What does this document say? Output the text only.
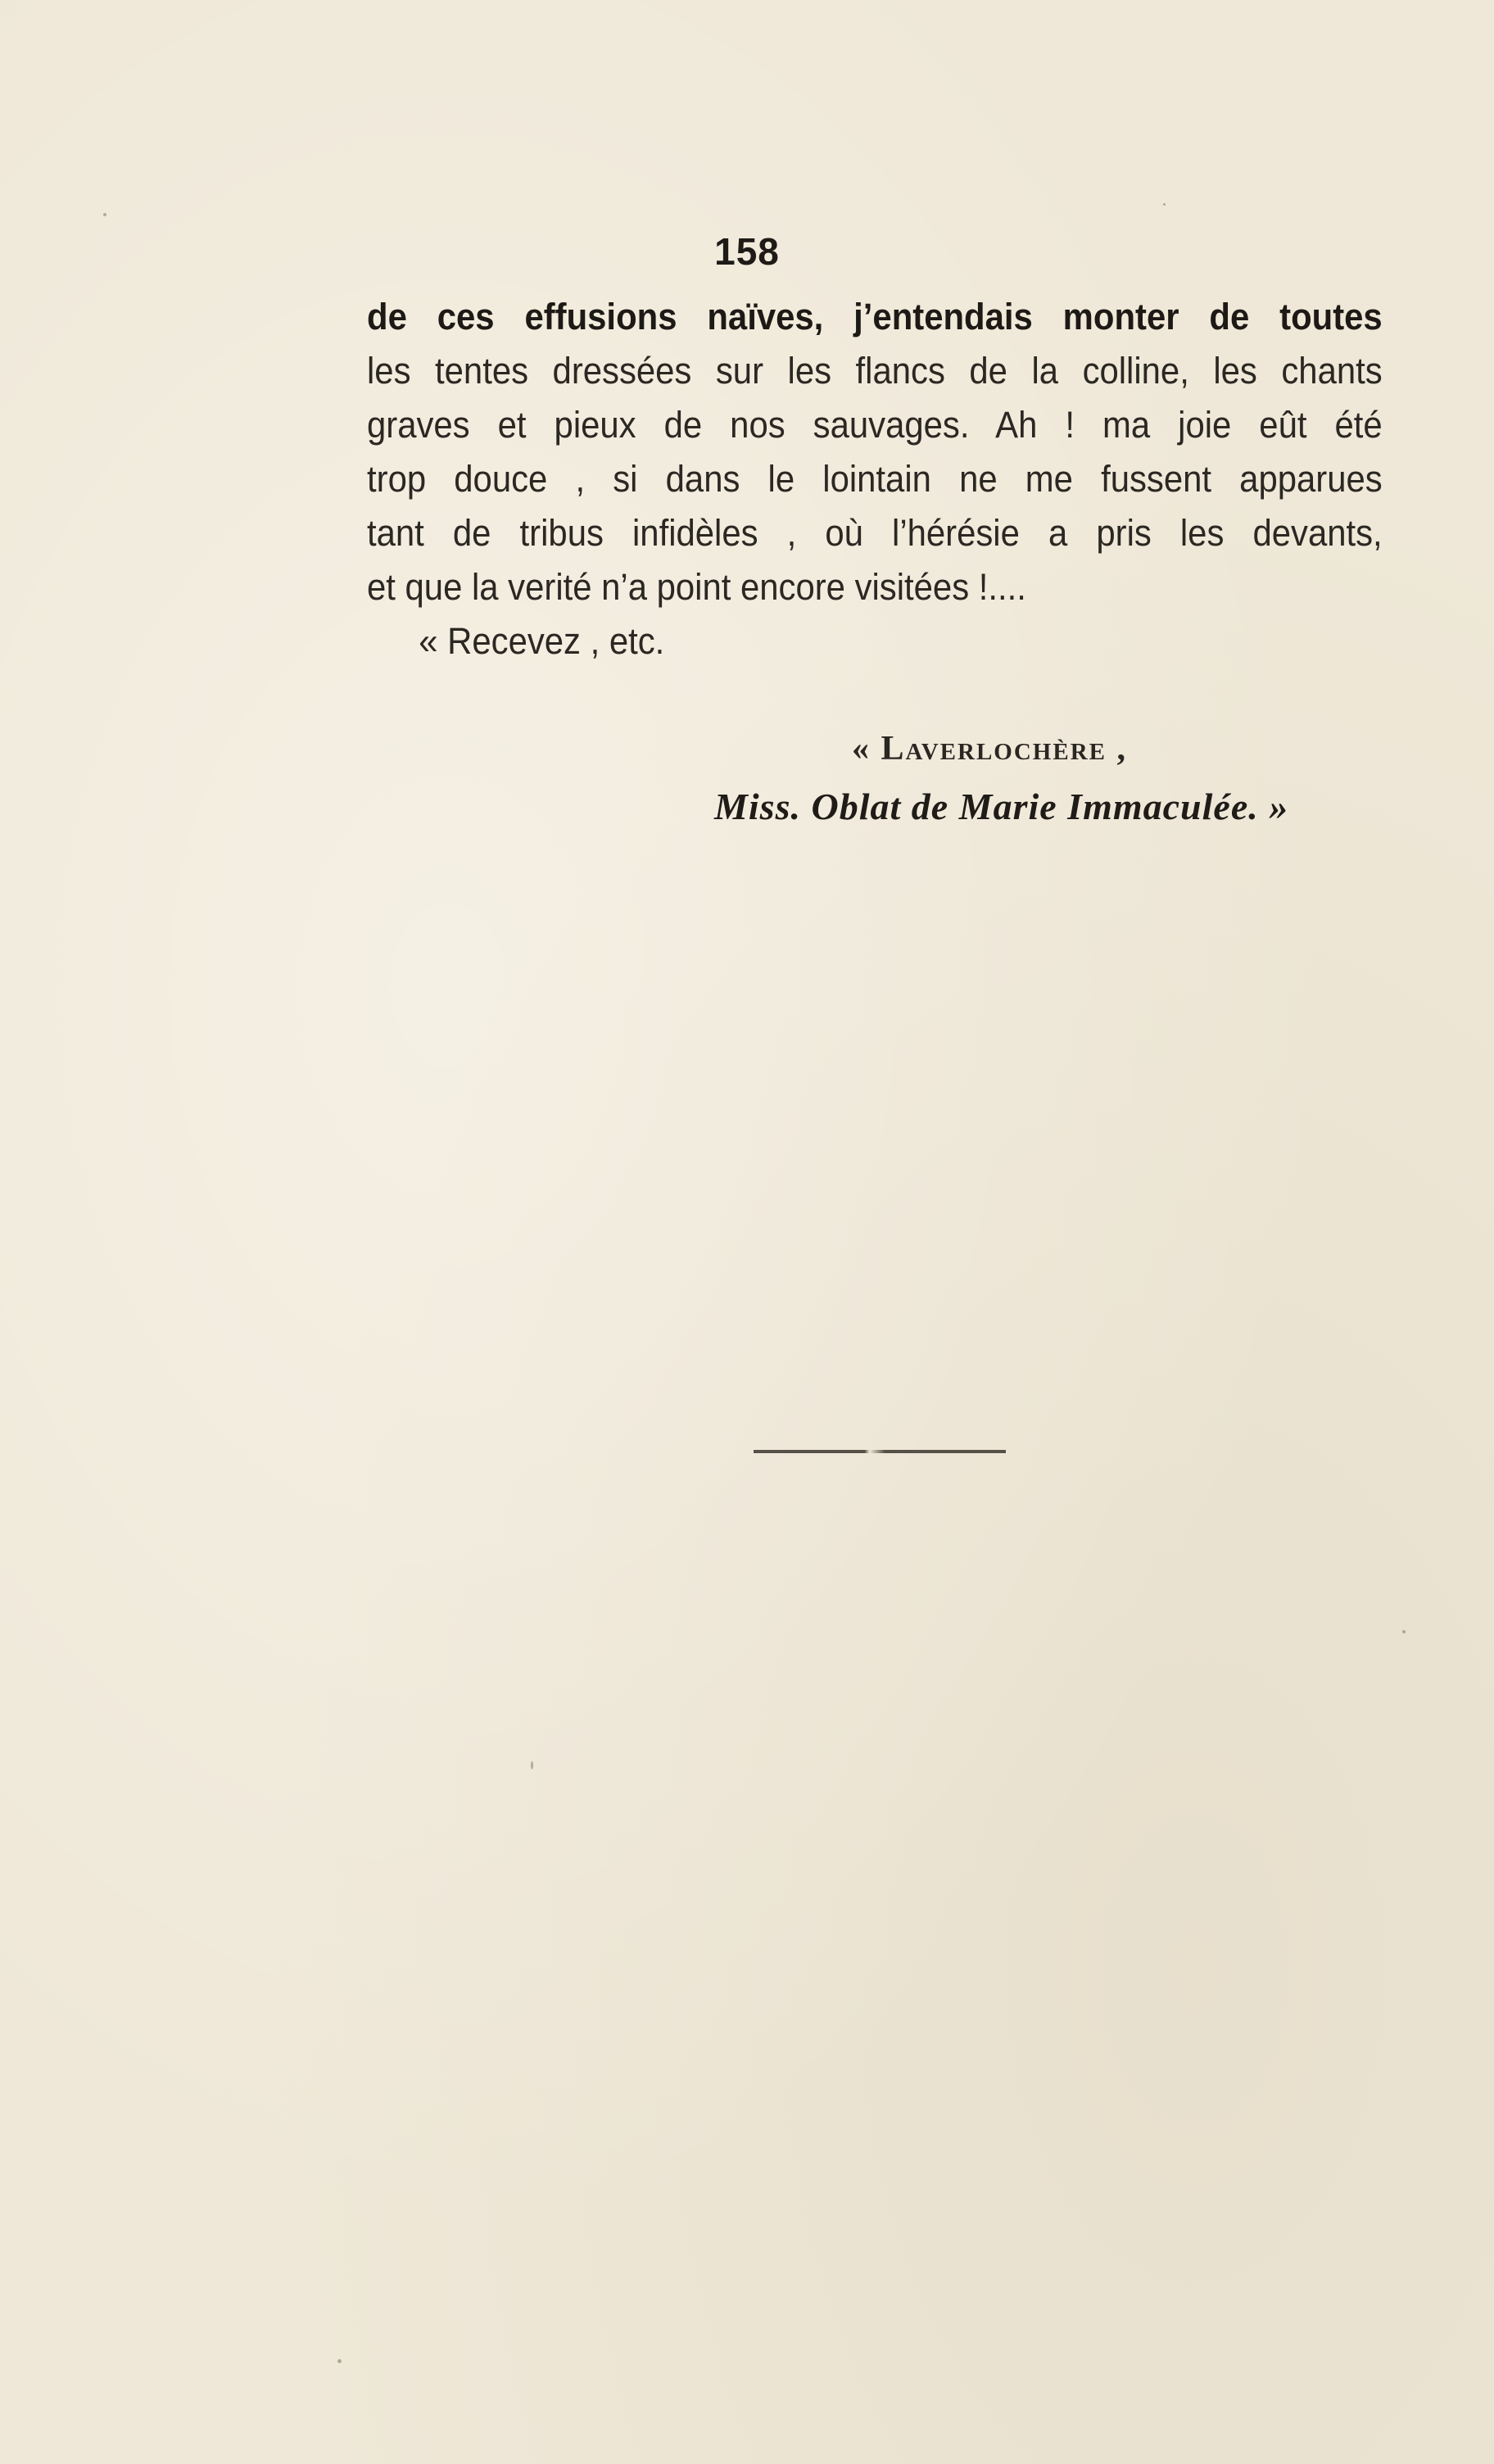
158
de ces effusions naïves, j’entendais monter de toutes
les tentes dressées sur les flancs de la colline, les chants
graves et pieux de nos sauvages. Ah ! ma joie eût été
trop douce , si dans le lointain ne me fussent apparues
tant de tribus infidèles , où l’hérésie a pris les devants,
et que la verité n’a point encore visitées !....
« Recevez , etc.
« Laverlochère ,
Miss. Oblat de Marie Immaculée. »
